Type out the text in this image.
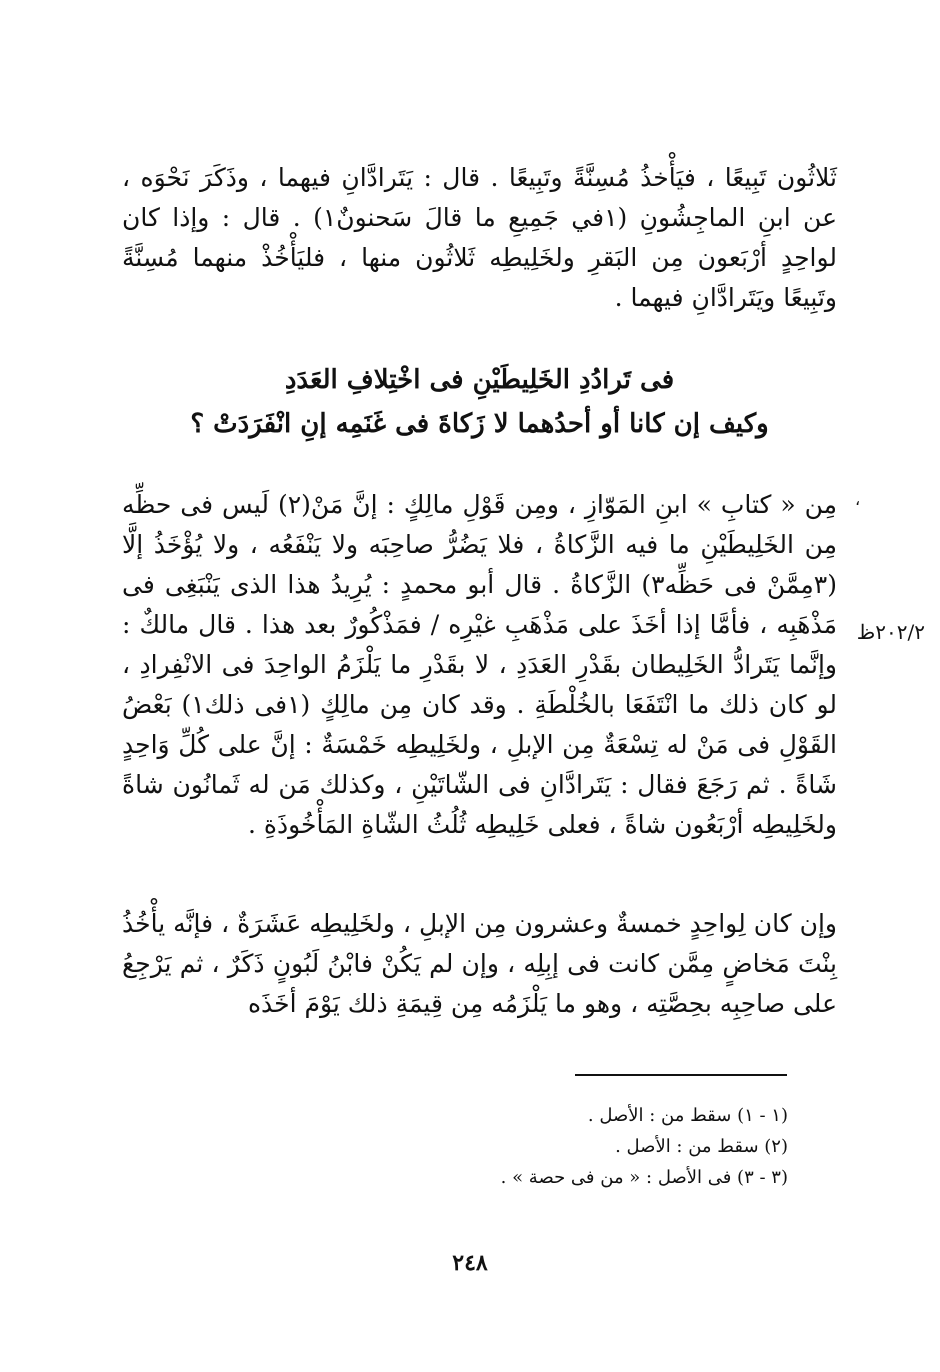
ثَلاثُون تَبِيعًا ، فيَأْخذُ مُسِنَّةً وتَبِيعًا . قال : يَتَرادَّانِ فيهما ، وذَكَرَ نَحْوَه ، عن ابنِ الماجِشُونِ (١في جَمِيعِ ما قالَ سَحنونٌ١) . قال : وإذا كان لواحِدٍ أرْبَعون مِن البَقرِ ولخَلِيطِه ثَلاثُون منها ، فليَأْخُذْ منهما مُسِنَّةً وتَبِيعًا ويَتَرادَّانِ فيهما .

فى تَرادُدِ الخَلِيطَيْنِ فى اخْتِلافِ العَدَدِ
وكيف إن كانا أو أحدُهما لا زَكاةَ فى غَنَمِه إنِ انْفَرَدَتْ ؟
،

مِن « كتابِ » ابنِ المَوّازِ ، ومِن قَوْلِ مالِكٍ : إنَّ مَنْ(٢) لَيس فى حظِّه مِن الخَلِيطَيْنِ ما فيه الزَّكاةُ ، فلا يَضُرُّ صاحِبَه ولا يَنْفَعُه ، ولا يُؤْخَذُ إلَّا (٣مِمَّنْ فى حَظِّه٣) الزَّكاةُ . قال أبو محمدٍ : يُرِيدُ هذا الذى يَنْبَغِى فى مَذْهَبِه ، فأمَّا إذا أخَذَ على مَذْهَبِ غيْرِه / فمَذْكُورٌ بعد هذا . قال مالكٌ : وإنَّما يَتَرادُّ الخَلِيطان بقَدْرِ العَدَدِ ، لا بقَدْرِ ما يَلْزَمُ الواحِدَ فى الانْفِرادِ ، لو كان ذلك ما انْتَفَعَا بالخُلْطَةِ . وقد كان مِن مالِكٍ (١فى ذلك١) بَعْضُ القَوْلِ فى مَنْ له تِسْعَةٌ مِن الإبلِ ، ولخَلِيطِه خَمْسَةٌ : إنَّ على كُلِّ وَاحِدٍ شَاةً . ثم رَجَعَ فقال : يَتَرادَّانِ فى الشّاتَيْنِ ، وكذلك مَن له ثَمانُون شاةً ولخَلِيطِه أرْبَعُون شاةً ، فعلى خَلِيطِه ثُلُثُ الشّاةِ المَأْخُوذَةِ .

٢٠٢/٢ظ

وإن كان لِواحِدٍ خمسةٌ وعشرون مِن الإبلِ ، ولخَلِيطِه عَشَرَةٌ ، فإنَّه يأْخُذُ بِنْتَ مَخاضٍ مِمَّن كانت فى إبِلِه ، وإن لم يَكُنْ فابْنُ لَبُونٍ ذَكَرٌ ، ثم يَرْجِعُ على صاحِبِه بحِصَّتِه ، وهو ما يَلْزَمُه مِن قِيمَةِ ذلك يَوْمَ أخَذَه

(١ - ١) سقط من : الأصل .
(٢) سقط من : الأصل .
(٣ - ٣) فى الأصل : « من فى حصة » .
٢٤٨
